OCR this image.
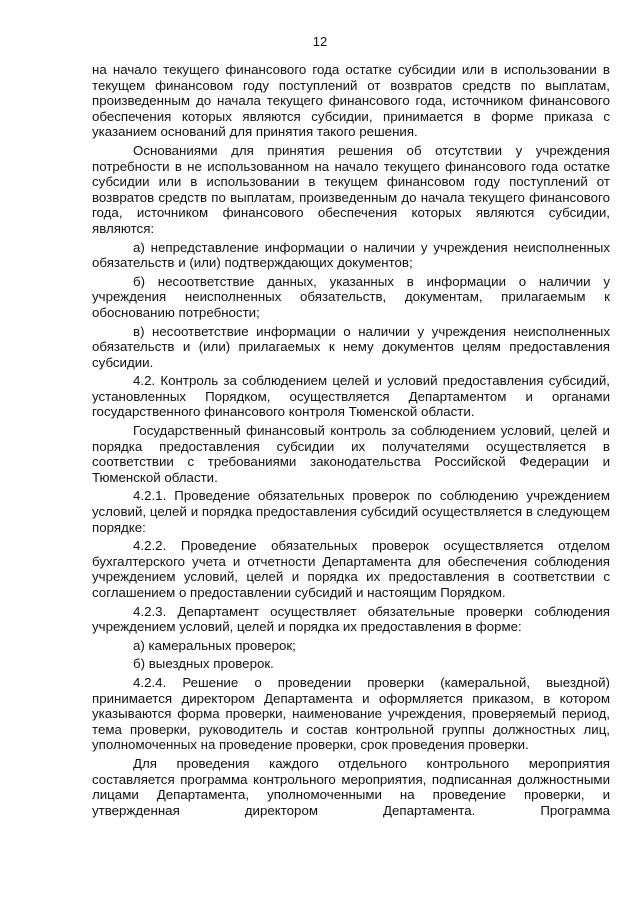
12

на начало текущего финансового года остатке субсидии или в использовании в текущем финансовом году поступлений от возвратов средств по выплатам, произведенным до начала текущего финансового года, источником финансового обеспечения которых являются субсидии, принимается в форме приказа с указанием оснований для принятия такого решения.

Основаниями для принятия решения об отсутствии у учреждения потребности в не использованном на начало текущего финансового года остатке субсидии или в использовании в текущем финансовом году поступлений от возвратов средств по выплатам, произведенным до начала текущего финансового года, источником финансового обеспечения которых являются субсидии, являются:

а) непредставление информации о наличии у учреждения неисполненных обязательств и (или) подтверждающих документов;

б) несоответствие данных, указанных в информации о наличии у учреждения неисполненных обязательств, документам, прилагаемым к обоснованию потребности;

в) несоответствие информации о наличии у учреждения неисполненных обязательств и (или) прилагаемых к нему документов целям предоставления субсидии.

4.2. Контроль за соблюдением целей и условий предоставления субсидий, установленных Порядком, осуществляется Департаментом и органами государственного финансового контроля Тюменской области.

Государственный финансовый контроль за соблюдением условий, целей и порядка предоставления субсидии их получателями осуществляется в соответствии с требованиями законодательства Российской Федерации и Тюменской области.

4.2.1. Проведение обязательных проверок по соблюдению учреждением условий, целей и порядка предоставления субсидий осуществляется в следующем порядке:

4.2.2. Проведение обязательных проверок осуществляется отделом бухгалтерского учета и отчетности Департамента для обеспечения соблюдения учреждением условий, целей и порядка их предоставления в соответствии с соглашением о предоставлении субсидий и настоящим Порядком.

4.2.3. Департамент осуществляет обязательные проверки соблюдения учреждением условий, целей и порядка их предоставления в форме:

а) камеральных проверок;

б) выездных проверок.

4.2.4. Решение о проведении проверки (камеральной, выездной) принимается директором Департамента и оформляется приказом, в котором указываются форма проверки, наименование учреждения, проверяемый период, тема проверки, руководитель и состав контрольной группы должностных лиц, уполномоченных на проведение проверки, срок проведения проверки.

Для проведения каждого отдельного контрольного мероприятия составляется программа контрольного мероприятия, подписанная должностными лицами Департамента, уполномоченными на проведение проверки, и утвержденная директором Департамента. Программа
